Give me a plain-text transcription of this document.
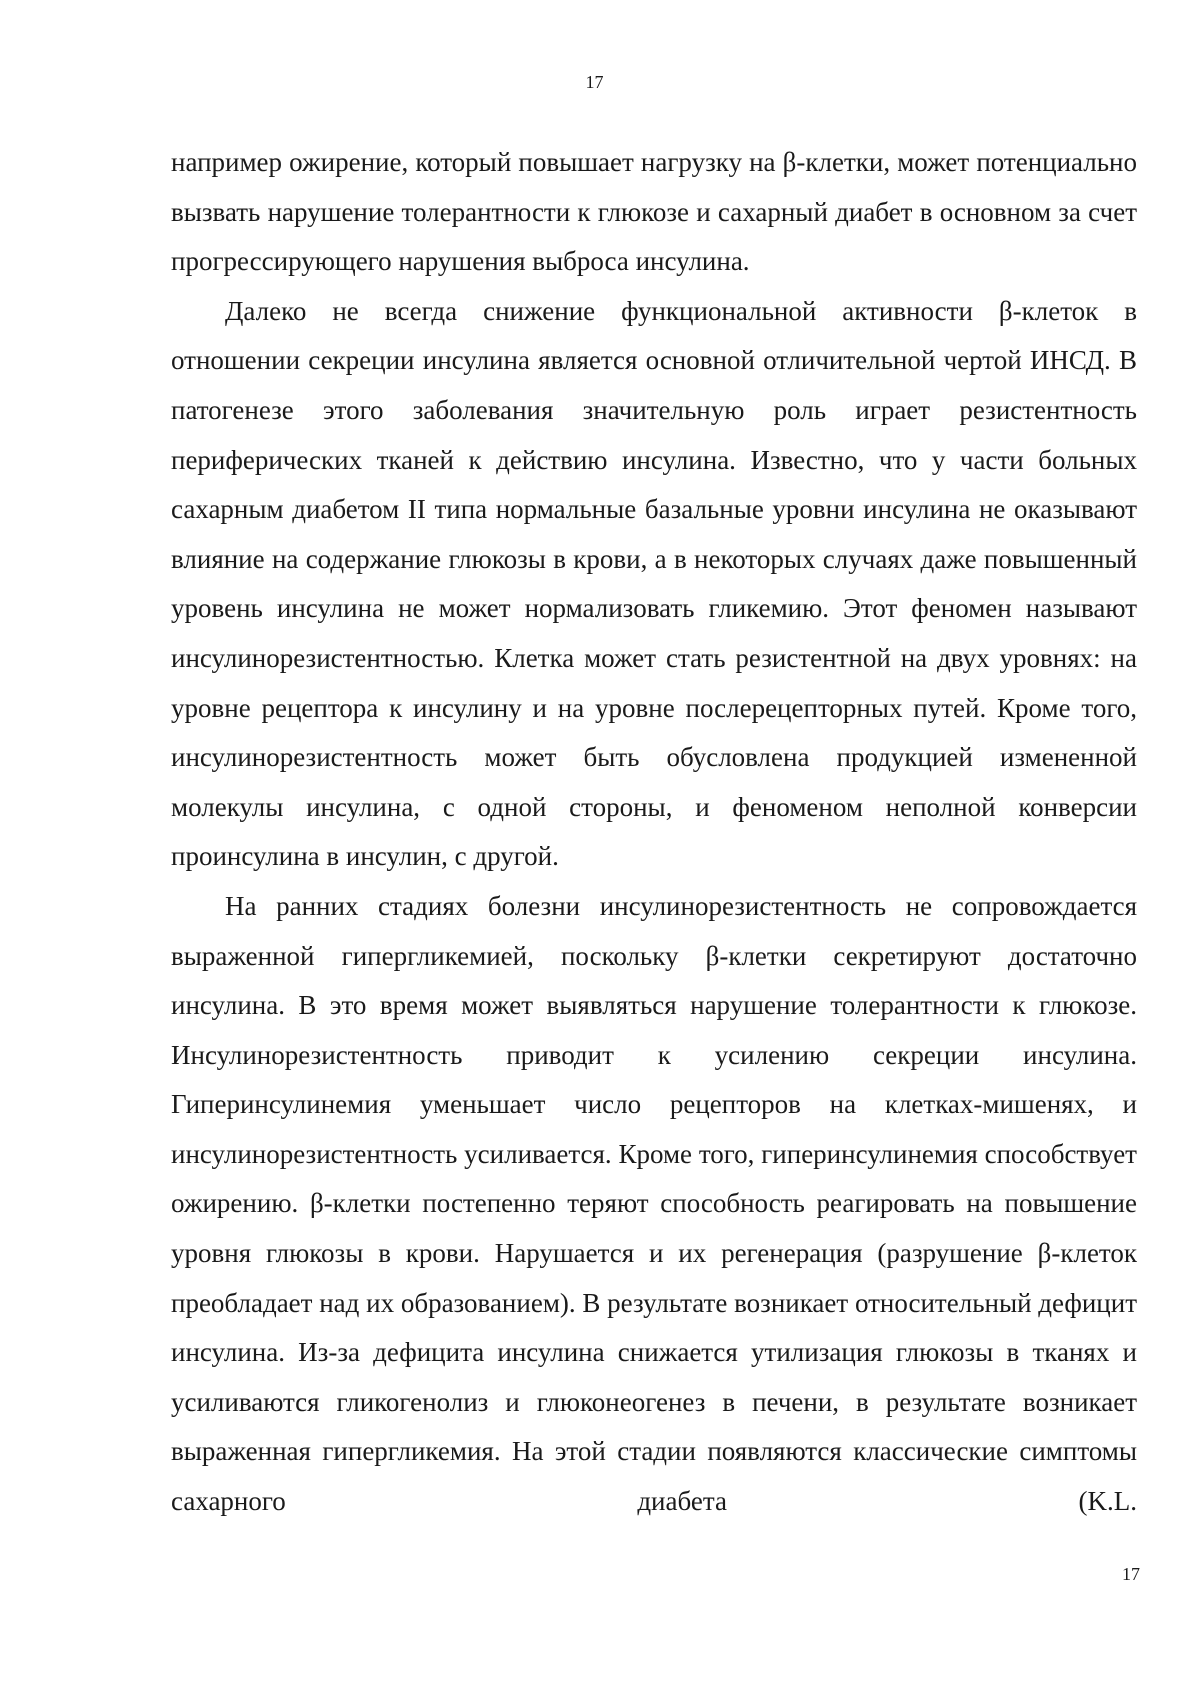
17

например ожирение, который повышает нагрузку на β-клетки, может потенциально вызвать нарушение толерантности к глюкозе и сахарный диабет в основном за счет прогрессирующего нарушения выброса инсулина.

Далеко не всегда снижение функциональной активности β-клеток в отношении секреции инсулина является основной отличительной чертой ИНСД. В патогенезе этого заболевания значительную роль играет резистентность периферических тканей к действию инсулина. Известно, что у части больных сахарным диабетом II типа нормальные базальные уровни инсулина не оказывают влияние на содержание глюкозы в крови, а в некоторых случаях даже повышенный уровень инсулина не может нормализовать гликемию. Этот феномен называют инсулинорезистентностью. Клетка может стать резистентной на двух уровнях: на уровне рецептора к инсулину и на уровне послерецепторных путей. Кроме того, инсулинорезистентность может быть обусловлена продукцией измененной молекулы инсулина, с одной стороны, и феноменом неполной конверсии проинсулина в инсулин, с другой.

На ранних стадиях болезни инсулинорезистентность не сопровождается выраженной гипергликемией, поскольку β-клетки секретируют достаточно инсулина. В это время может выявляться нарушение толерантности к глюкозе. Инсулинорезистентность приводит к усилению секреции инсулина. Гиперинсулинемия уменьшает число рецепторов на клетках-мишенях, и инсулинорезистентность усиливается. Кроме того, гиперинсулинемия способствует ожирению. β-клетки постепенно теряют способность реагировать на повышение уровня глюкозы в крови. Нарушается и их регенерация (разрушение β-клеток преобладает над их образованием). В результате возникает относительный дефицит инсулина. Из-за дефицита инсулина снижается утилизация глюкозы в тканях и усиливаются гликогенолиз и глюконеогенез в печени, в результате возникает выраженная гипергликемия. На этой стадии появляются классические симптомы сахарного диабета (K.L.

17
